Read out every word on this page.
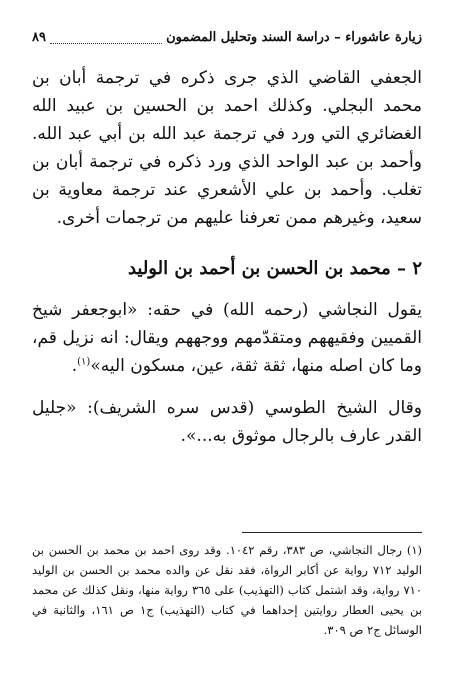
زيارة عاشوراء – دراسة السند وتحليل المضمون
٨٩

الجعفي القاضي الذي جرى ذكره في ترجمة أبان بن محمد البجلي. وكذلك احمد بن الحسين بن عبيد الله الغضائري التي ورد في ترجمة عبد الله بن أبي عبد الله. وأحمد بن عبد الواحد الذي ورد ذكره في ترجمة أبان بن تغلب. وأحمد بن علي الأشعري عند ترجمة معاوية بن سعيد، وغيرهم ممن تعرفنا عليهم من ترجمات أخرى.

٢ – محمد بن الحسن بن أحمد بن الوليد

يقول النجاشي (رحمه الله) في حقه: «ابوجعفر شيخ القميين وفقيههم ومتقدّمهم ووجههم ويقال: انه نزيل قم، وما كان اصله منها، ثقة ثقة، عين، مسكون اليه»$^{(١)}$.

وقال الشيخ الطوسي (قدس سره الشريف): «جليل القدر عارف بالرجال موثوق به...».

(١) رجال النجاشي، ص ٣٨٣، رقم ١٠٤٢. وقد روى احمد بن محمد بن الحسن بن الوليد ٧١٢ رواية عن أكابر الرواة، فقد نقل عن والده محمد بن الحسن بن الوليد ٧١٠ رواية، وقد اشتمل كتاب (التهذيب) على ٣٦٥ رواية منها، ونقل كذلك عن محمد بن يحيى العطار روايتين إحداهما في كتاب (التهذيب) ج١ ص ١٦١، والثانية في الوسائل ج٢ ص ٣٠٩.
